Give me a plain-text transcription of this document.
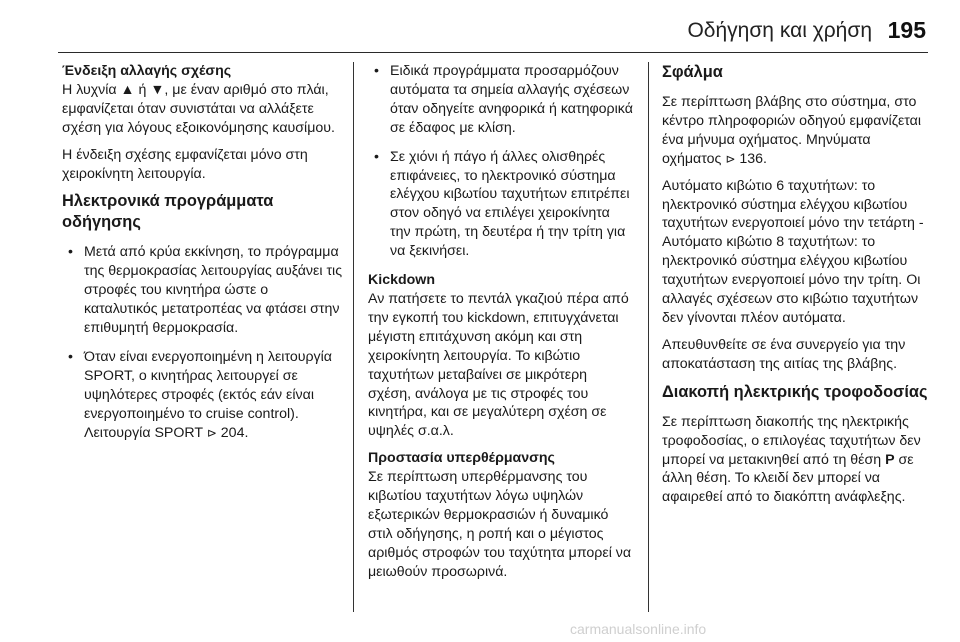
Οδήγηση και χρήση 195

Ένδειξη αλλαγής σχέσης

Η λυχνία ▲ ή ▼, με έναν αριθμό στο πλάι, εμφανίζεται όταν συνιστάται να αλλάξετε σχέση για λόγους εξοικονόμησης καυσίμου.

Η ένδειξη σχέσης εμφανίζεται μόνο στη χειροκίνητη λειτουργία.

Ηλεκτρονικά προγράμματα οδήγησης

• Μετά από κρύα εκκίνηση, το πρόγραμμα της θερμοκρασίας λειτουργίας αυξάνει τις στροφές του κινητήρα ώστε ο καταλυτικός μετατροπέας να φτάσει στην επιθυμητή θερμοκρασία.
• Όταν είναι ενεργοποιημένη η λειτουργία SPORT, ο κινητήρας λειτουργεί σε υψηλότερες στροφές (εκτός εάν είναι ενεργοποιημένο το cruise control). Λειτουργία SPORT ⊳ 204.
• Ειδικά προγράμματα προσαρμόζουν αυτόματα τα σημεία αλλαγής σχέσεων όταν οδηγείτε ανηφορικά ή κατηφορικά σε έδαφος με κλίση.
• Σε χιόνι ή πάγο ή άλλες ολισθηρές επιφάνειες, το ηλεκτρονικό σύστημα ελέγχου κιβωτίου ταχυτήτων επιτρέπει στον οδηγό να επιλέγει χειροκίνητα την πρώτη, τη δευτέρα ή την τρίτη για να ξεκινήσει.

Kickdown

Αν πατήσετε το πεντάλ γκαζιού πέρα από την εγκοπή του kickdown, επιτυγχάνεται μέγιστη επιτάχυνση ακόμη και στη χειροκίνητη λειτουργία. Το κιβώτιο ταχυτήτων μεταβαίνει σε μικρότερη σχέση, ανάλογα με τις στροφές του κινητήρα, και σε μεγαλύτερη σχέση σε υψηλές σ.α.λ.

Προστασία υπερθέρμανσης

Σε περίπτωση υπερθέρμανσης του κιβωτίου ταχυτήτων λόγω υψηλών εξωτερικών θερμοκρασιών ή δυναμικό στιλ οδήγησης, η ροπή και ο μέγιστος αριθμός στροφών του ταχύτητα μπορεί να μειωθούν προσωρινά.

Σφάλμα

Σε περίπτωση βλάβης στο σύστημα, στο κέντρο πληροφοριών οδηγού εμφανίζεται ένα μήνυμα οχήματος. Μηνύματα οχήματος ⊳ 136.

Αυτόματο κιβώτιο 6 ταχυτήτων: το ηλεκτρονικό σύστημα ελέγχου κιβωτίου ταχυτήτων ενεργοποιεί μόνο την τετάρτη - Αυτόματο κιβώτιο 8 ταχυτήτων: το ηλεκτρονικό σύστημα ελέγχου κιβωτίου ταχυτήτων ενεργοποιεί μόνο την τρίτη. Οι αλλαγές σχέσεων στο κιβώτιο ταχυτήτων δεν γίνονται πλέον αυτόματα.

Απευθυνθείτε σε ένα συνεργείο για την αποκατάσταση της αιτίας της βλάβης.

Διακοπή ηλεκτρικής τροφοδοσίας

Σε περίπτωση διακοπής της ηλεκτρικής τροφοδοσίας, ο επιλογέας ταχυτήτων δεν μπορεί να μετακινηθεί από τη θέση P σε άλλη θέση. Το κλειδί δεν μπορεί να αφαιρεθεί από το διακόπτη ανάφλεξης.

carmanualsonline.info
